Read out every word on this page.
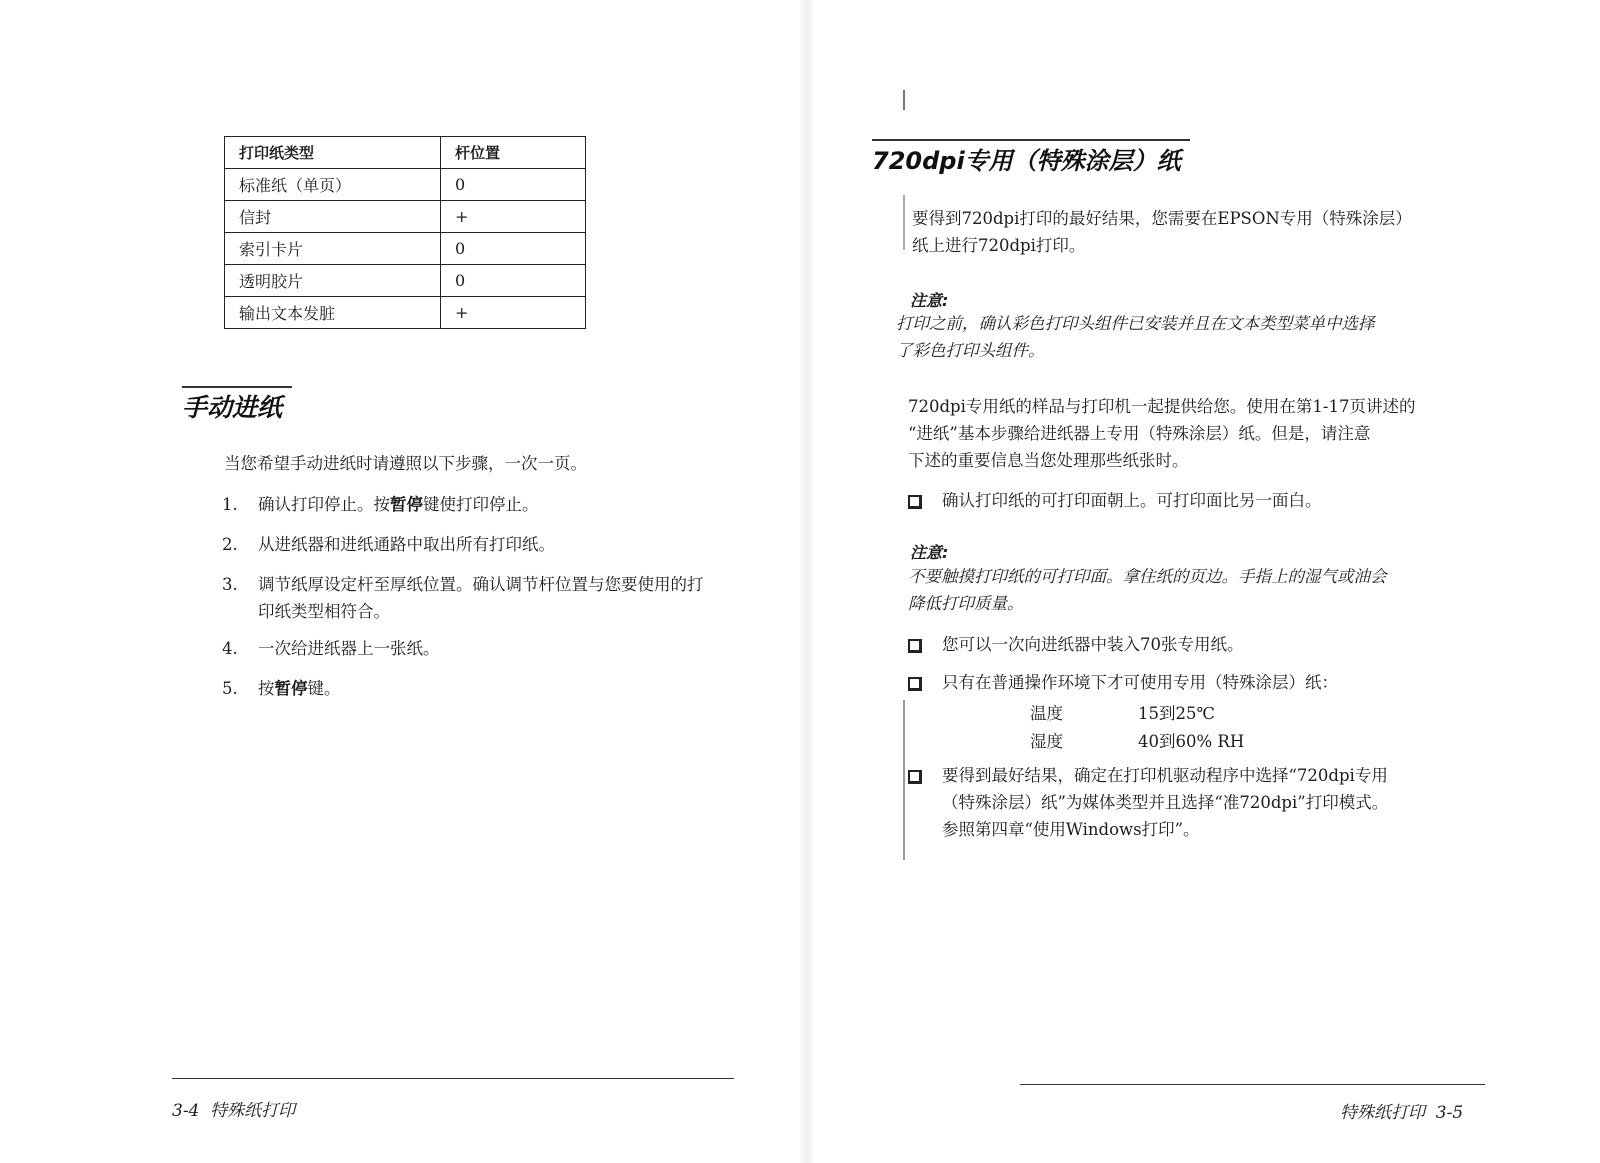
打印纸类型	杆位置
标准纸（单页）	0
信封	+
索引卡片	0
透明胶片	0
输出文本发脏	+
手动进纸
当您希望手动进纸时请遵照以下步骤，一次一页。
1.	确认打印停止。按暂停键使打印停止。
2.	从进纸器和进纸通路中取出所有打印纸。
3.	调节纸厚设定杆至厚纸位置。确认调节杆位置与您要使用的打
印纸类型相符合。
4.	一次给进纸器上一张纸。
5.	按暂停键。
3-4  特殊纸打印
720dpi专用（特殊涂层）纸
要得到720dpi打印的最好结果，您需要在EPSON专用（特殊涂层）
纸上进行720dpi打印。
注意:
打印之前，确认彩色打印头组件已安装并且在文本类型菜单中选择
了彩色打印头组件。
720dpi专用纸的样品与打印机一起提供给您。使用在第1-17页讲述的
“进纸”基本步骤给进纸器上专用（特殊涂层）纸。但是，请注意
下述的重要信息当您处理那些纸张时。
确认打印纸的可打印面朝上。可打印面比另一面白。
注意:
不要触摸打印纸的可打印面。拿住纸的页边。手指上的湿气或油会
降低打印质量。
您可以一次向进纸器中装入70张专用纸。
只有在普通操作环境下才可使用专用（特殊涂层）纸：
温度	15到25℃
湿度	40到60% RH
要得到最好结果，确定在打印机驱动程序中选择“720dpi专用
（特殊涂层）纸”为媒体类型并且选择“准720dpi”打印模式。
参照第四章“使用Windows打印”。
特殊纸打印  3-5
